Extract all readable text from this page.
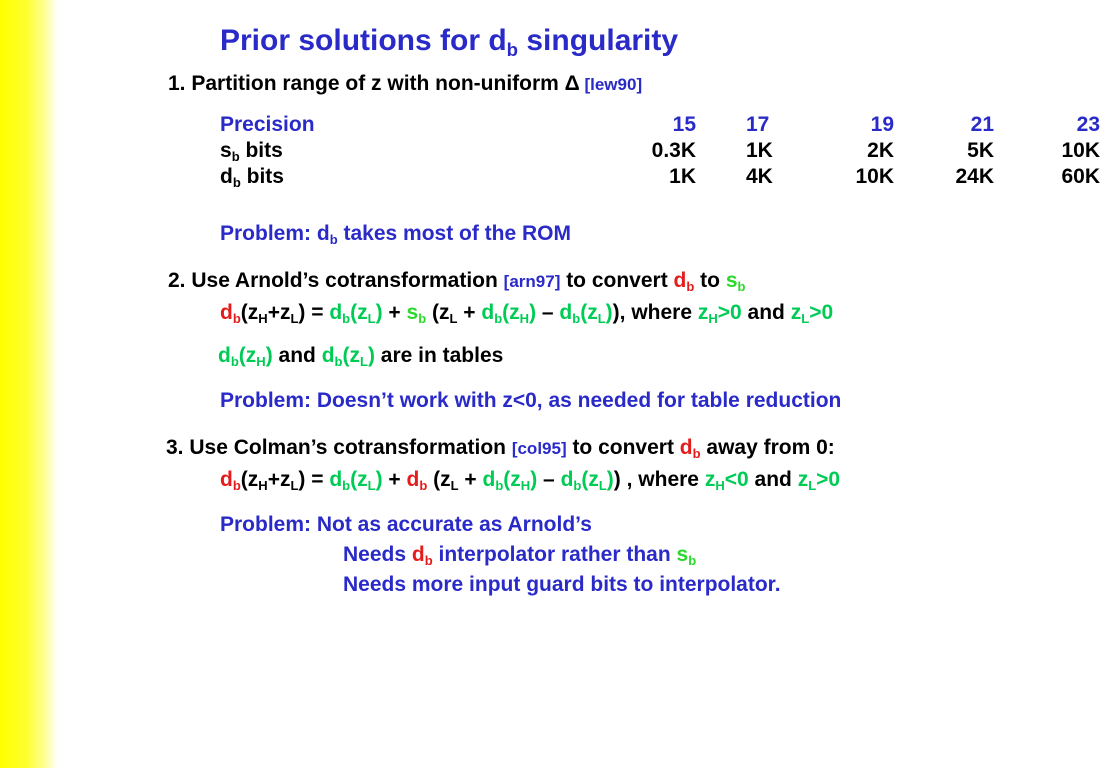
Prior solutions for $d_b$ singularity
1. Partition range of z with non-uniform Δ [lew90]
Precision	15 17	19	21	23
$s_b$ bits	0.3K 1K	2K	5K	10K
$d_b$ bits	1K 4K	10K	24K	60K
Problem: $d_b$ takes most of the ROM
2. Use Arnold’s cotransformation [arn97] to convert $d_b$ to $s_b$
$d_b(z_H+z_L) = d_b(z_L) + s_b$ $(z_L + d_b(z_H) - d_b(z_L))$, where $z_H>0$ and $z_L>0$
$d_b(z_H)$ and $d_b(z_L)$ are in tables
Problem: Doesn’t work with z<0, as needed for table reduction
3. Use Colman’s cotransformation [col95] to convert $d_b$ away from 0:
$d_b(z_H+z_L) = d_b(z_L) + d_b$ $(z_L + d_b(z_H) - d_b(z_L))$ , where $z_H<0$ and $z_L>0$
Problem: Not as accurate as Arnold’s
Needs $d_b$ interpolator rather than $s_b$
Needs more input guard bits to interpolator.
